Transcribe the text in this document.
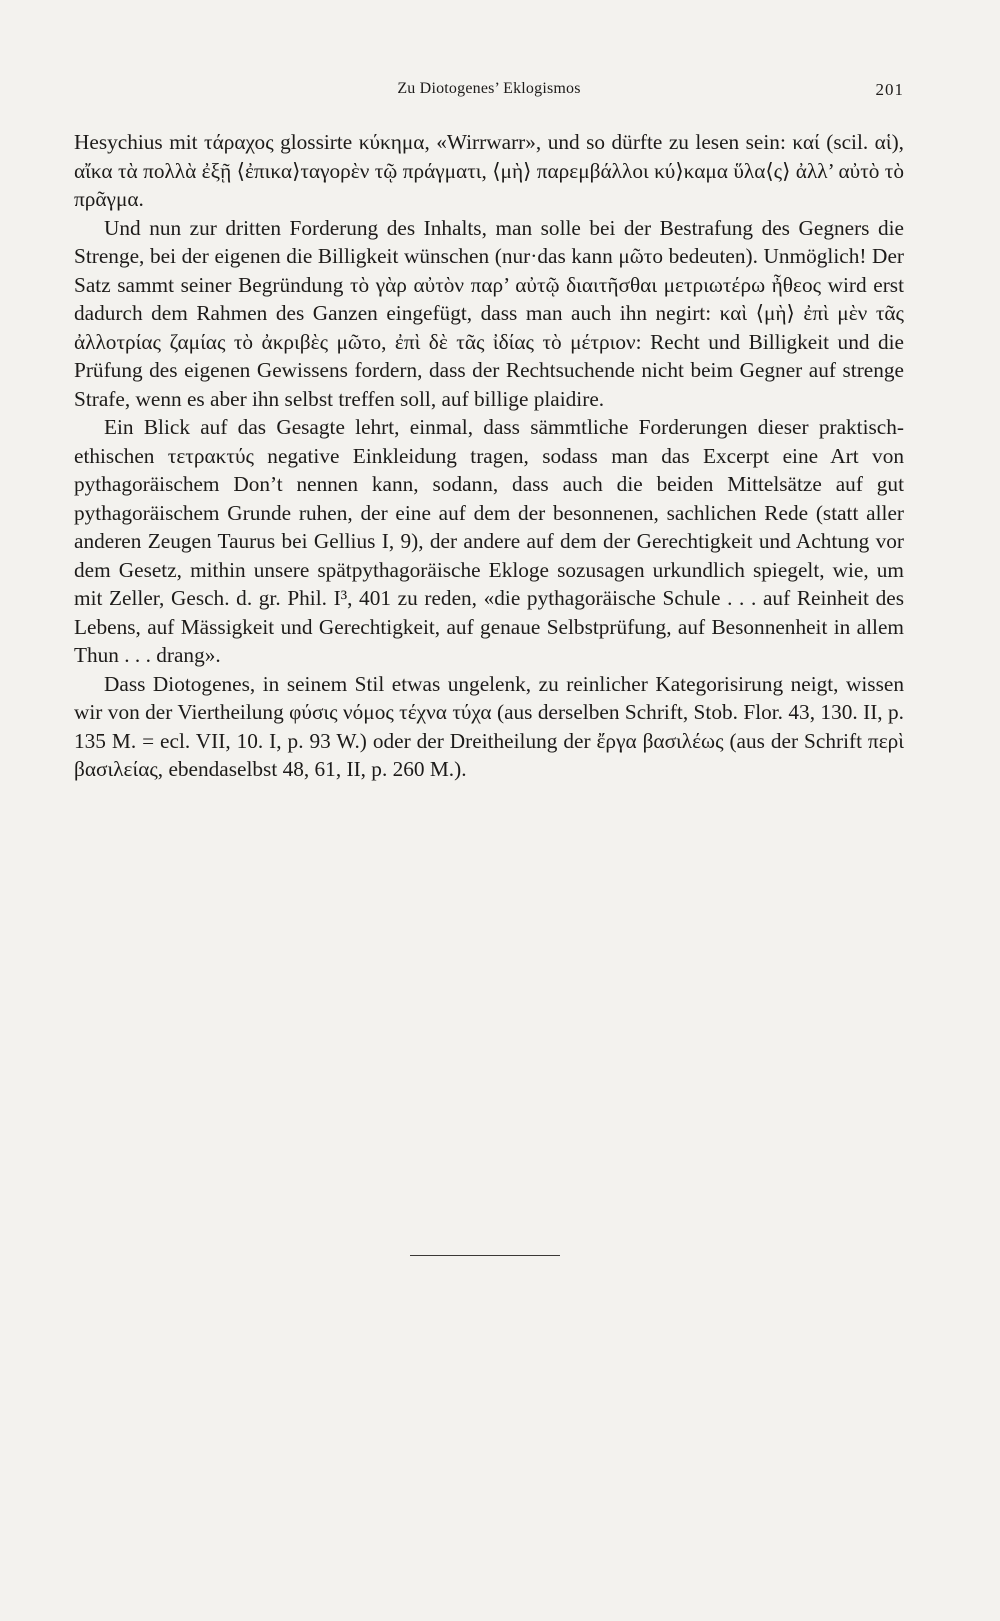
Zu Diotogenes’ Eklogismos	201

Hesychius mit τάραχος glossirte κύκημα, «Wirrwarr», und so dürfte zu lesen sein: καί (scil. αἱ), αἴκα τὰ πολλὰ ἐξῇ ⟨ἐπικα⟩ταγορὲν τῷ πράγματι, ⟨μὴ⟩ παρεμβάλλοι κύ⟩καμα ὕλα⟨ς⟩ ἀλλ’ αὐτὸ τὸ πρᾶγμα.

Und nun zur dritten Forderung des Inhalts, man solle bei der Bestrafung des Gegners die Strenge, bei der eigenen die Billigkeit wünschen (nur·das kann μῶτο bedeuten). Unmöglich! Der Satz sammt seiner Begründung τὸ γὰρ αὐτὸν παρ’ αὐτῷ διαιτῆσθαι μετριωτέρω ἦθεος wird erst dadurch dem Rahmen des Ganzen eingefügt, dass man auch ihn negirt: καὶ ⟨μὴ⟩ ἐπὶ μὲν τᾶς ἀλλοτρίας ζαμίας τὸ ἀκριβὲς μῶτο, ἐπὶ δὲ τᾶς ἰδίας τὸ μέτριον: Recht und Billigkeit und die Prüfung des eigenen Gewissens fordern, dass der Rechtsuchende nicht beim Gegner auf strenge Strafe, wenn es aber ihn selbst treffen soll, auf billige plaidire.

Ein Blick auf das Gesagte lehrt, einmal, dass sämmtliche Forderungen dieser praktisch-ethischen τετρακτύς negative Einkleidung tragen, sodass man das Excerpt eine Art von pythagoräischem Don’t nennen kann, sodann, dass auch die beiden Mittelsätze auf gut pythagoräischem Grunde ruhen, der eine auf dem der besonnenen, sachlichen Rede (statt aller anderen Zeugen Taurus bei Gellius I, 9), der andere auf dem der Gerechtigkeit und Achtung vor dem Gesetz, mithin unsere spätpythagoräische Ekloge sozusagen urkundlich spiegelt, wie, um mit Zeller, Gesch. d. gr. Phil. I³, 401 zu reden, «die pythagoräische Schule . . . auf Reinheit des Lebens, auf Mässigkeit und Gerechtigkeit, auf genaue Selbstprüfung, auf Besonnenheit in allem Thun . . . drang».

Dass Diotogenes, in seinem Stil etwas ungelenk, zu reinlicher Kategorisirung neigt, wissen wir von der Viertheilung φύσις νόμος τέχνα τύχα (aus derselben Schrift, Stob. Flor. 43, 130. II, p. 135 M. = ecl. VII, 10. I, p. 93 W.) oder der Dreitheilung der ἔργα βασιλέως (aus der Schrift περὶ βασιλείας, ebendaselbst 48, 61, II, p. 260 M.).
